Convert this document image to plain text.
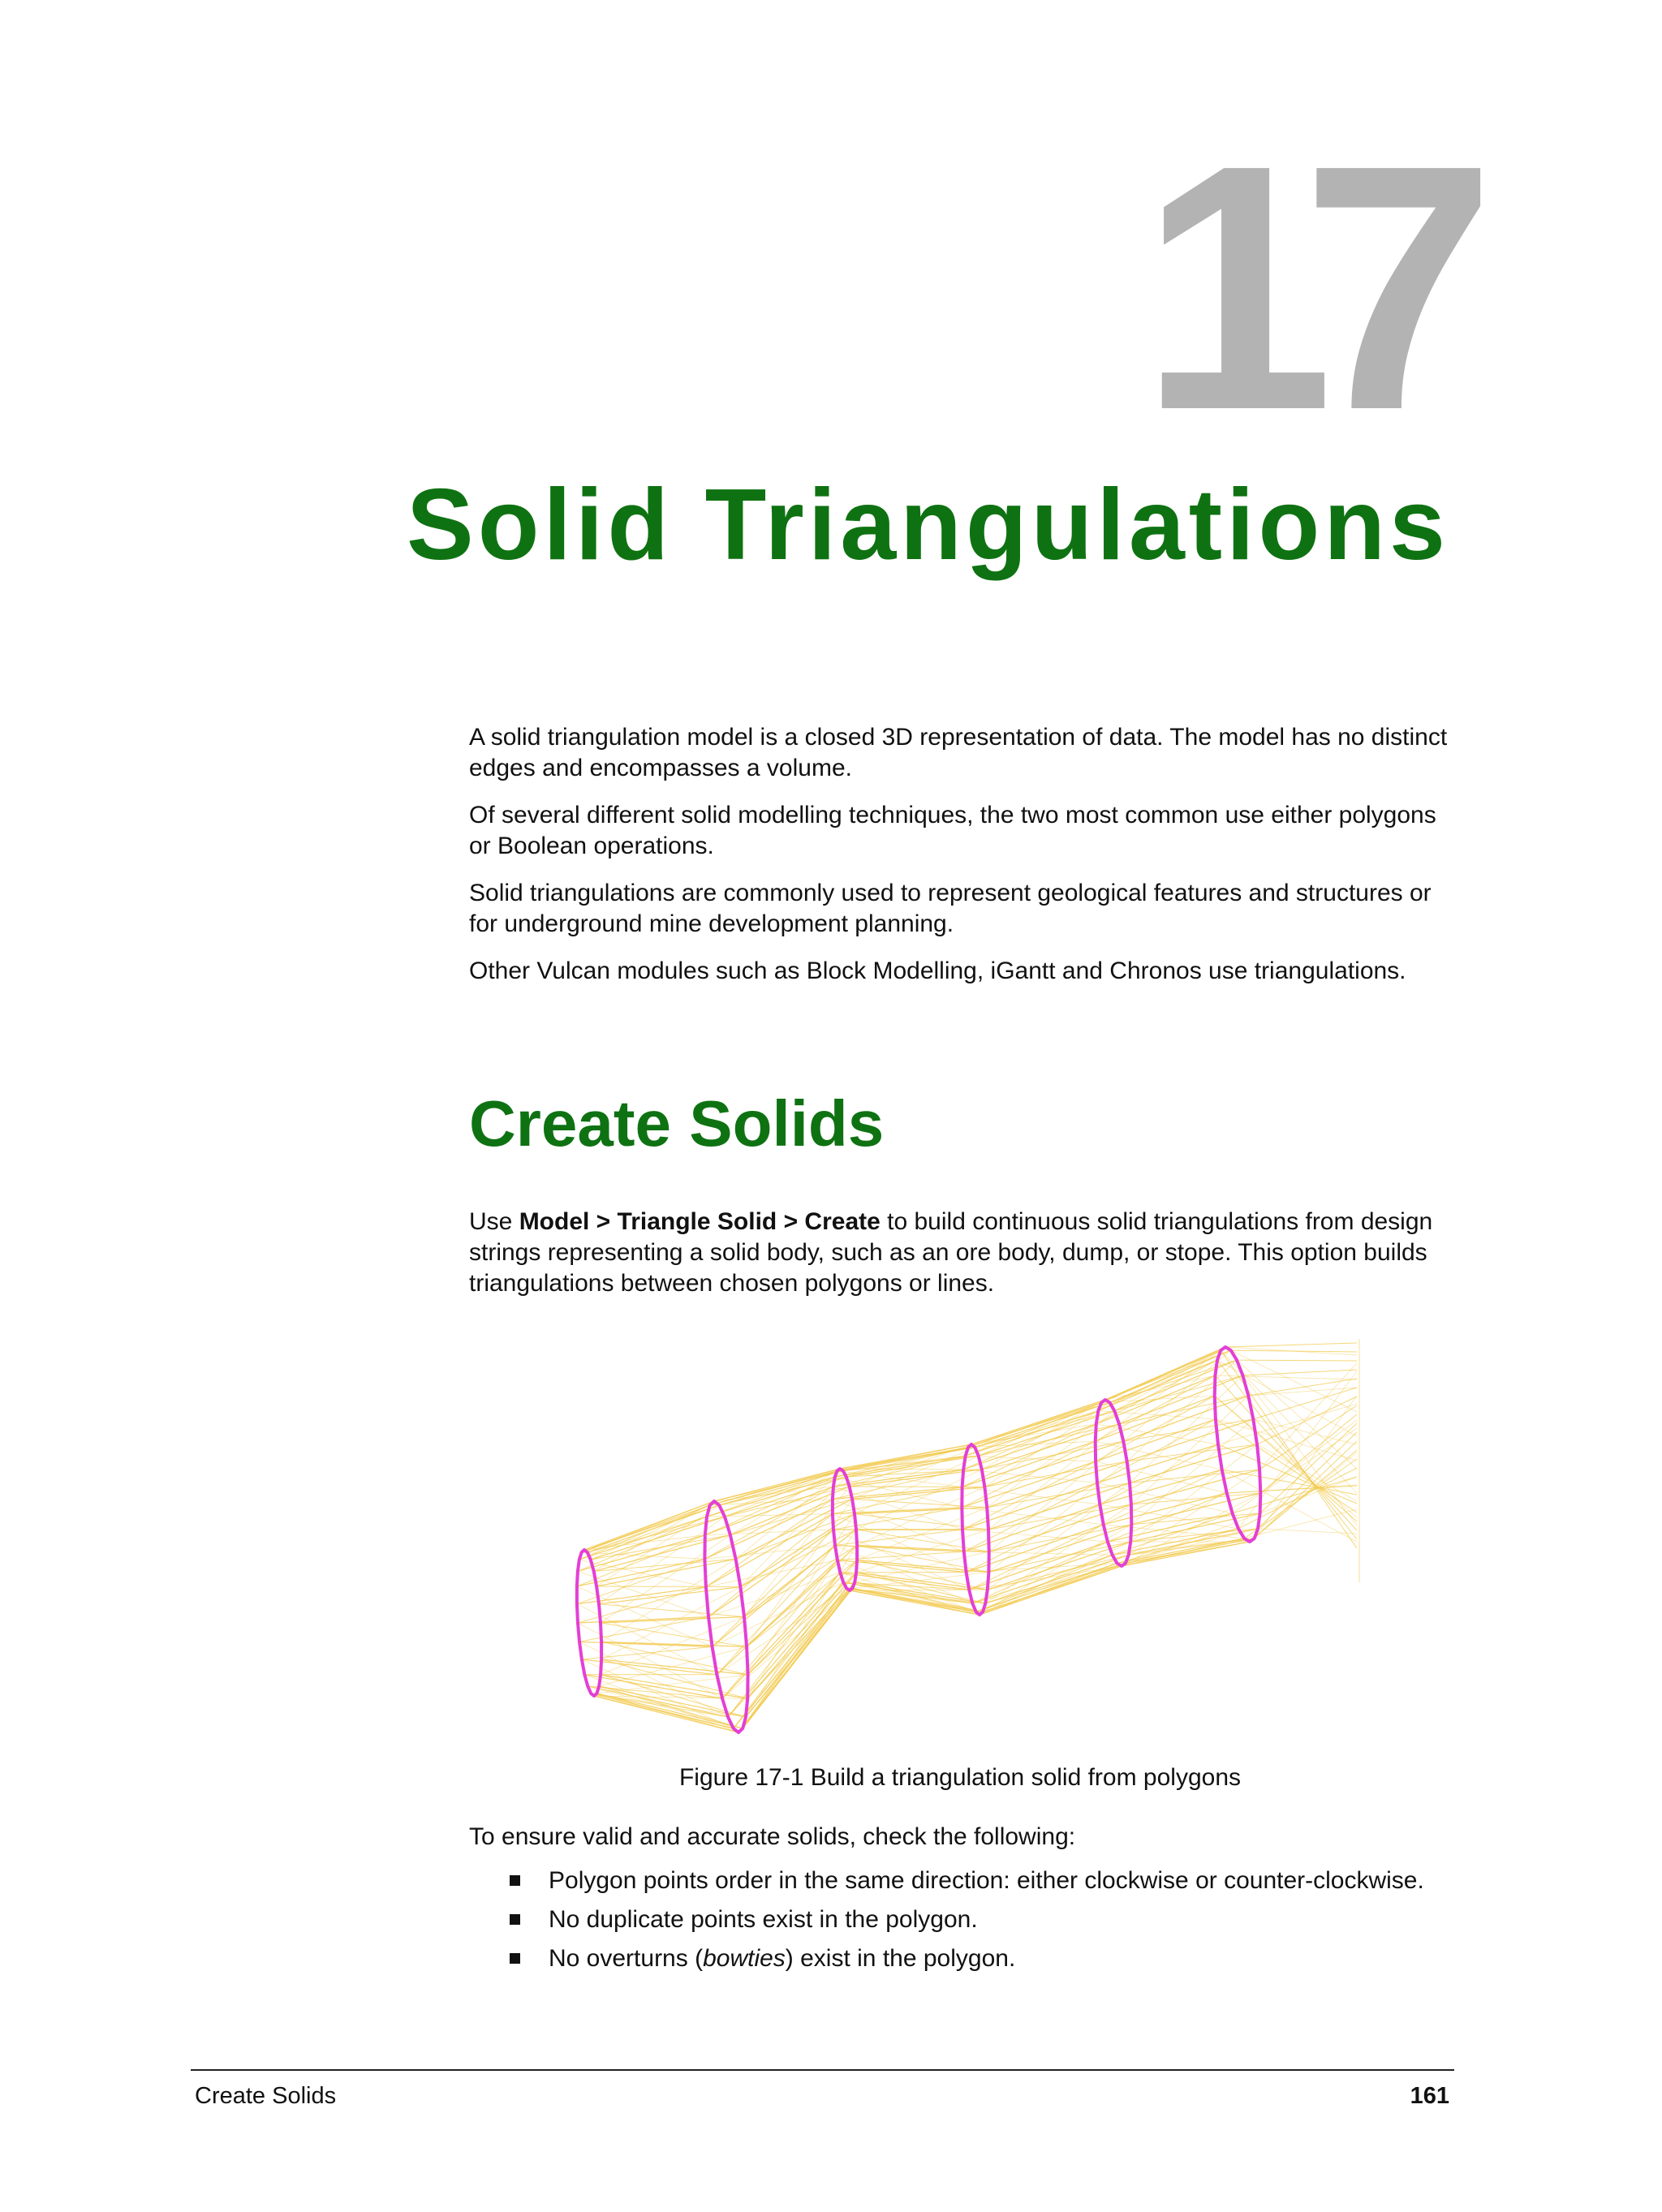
17
Solid Triangulations

A solid triangulation model is a closed 3D representation of data. The model has no distinct edges and encompasses a volume.

Of several different solid modelling techniques, the two most common use either polygons or Boolean operations.

Solid triangulations are commonly used to represent geological features and structures or for underground mine development planning.

Other Vulcan modules such as Block Modelling, iGantt and Chronos use triangulations.

Create Solids

Use Model > Triangle Solid > Create to build continuous solid triangulations from design strings representing a solid body, such as an ore body, dump, or stope. This option builds triangulations between chosen polygons or lines.

Figure 17-1 Build a triangulation solid from polygons

To ensure valid and accurate solids, check the following:

Polygon points order in the same direction: either clockwise or counter-clockwise.
No duplicate points exist in the polygon.
No overturns (bowties) exist in the polygon.
Create Solids	161
